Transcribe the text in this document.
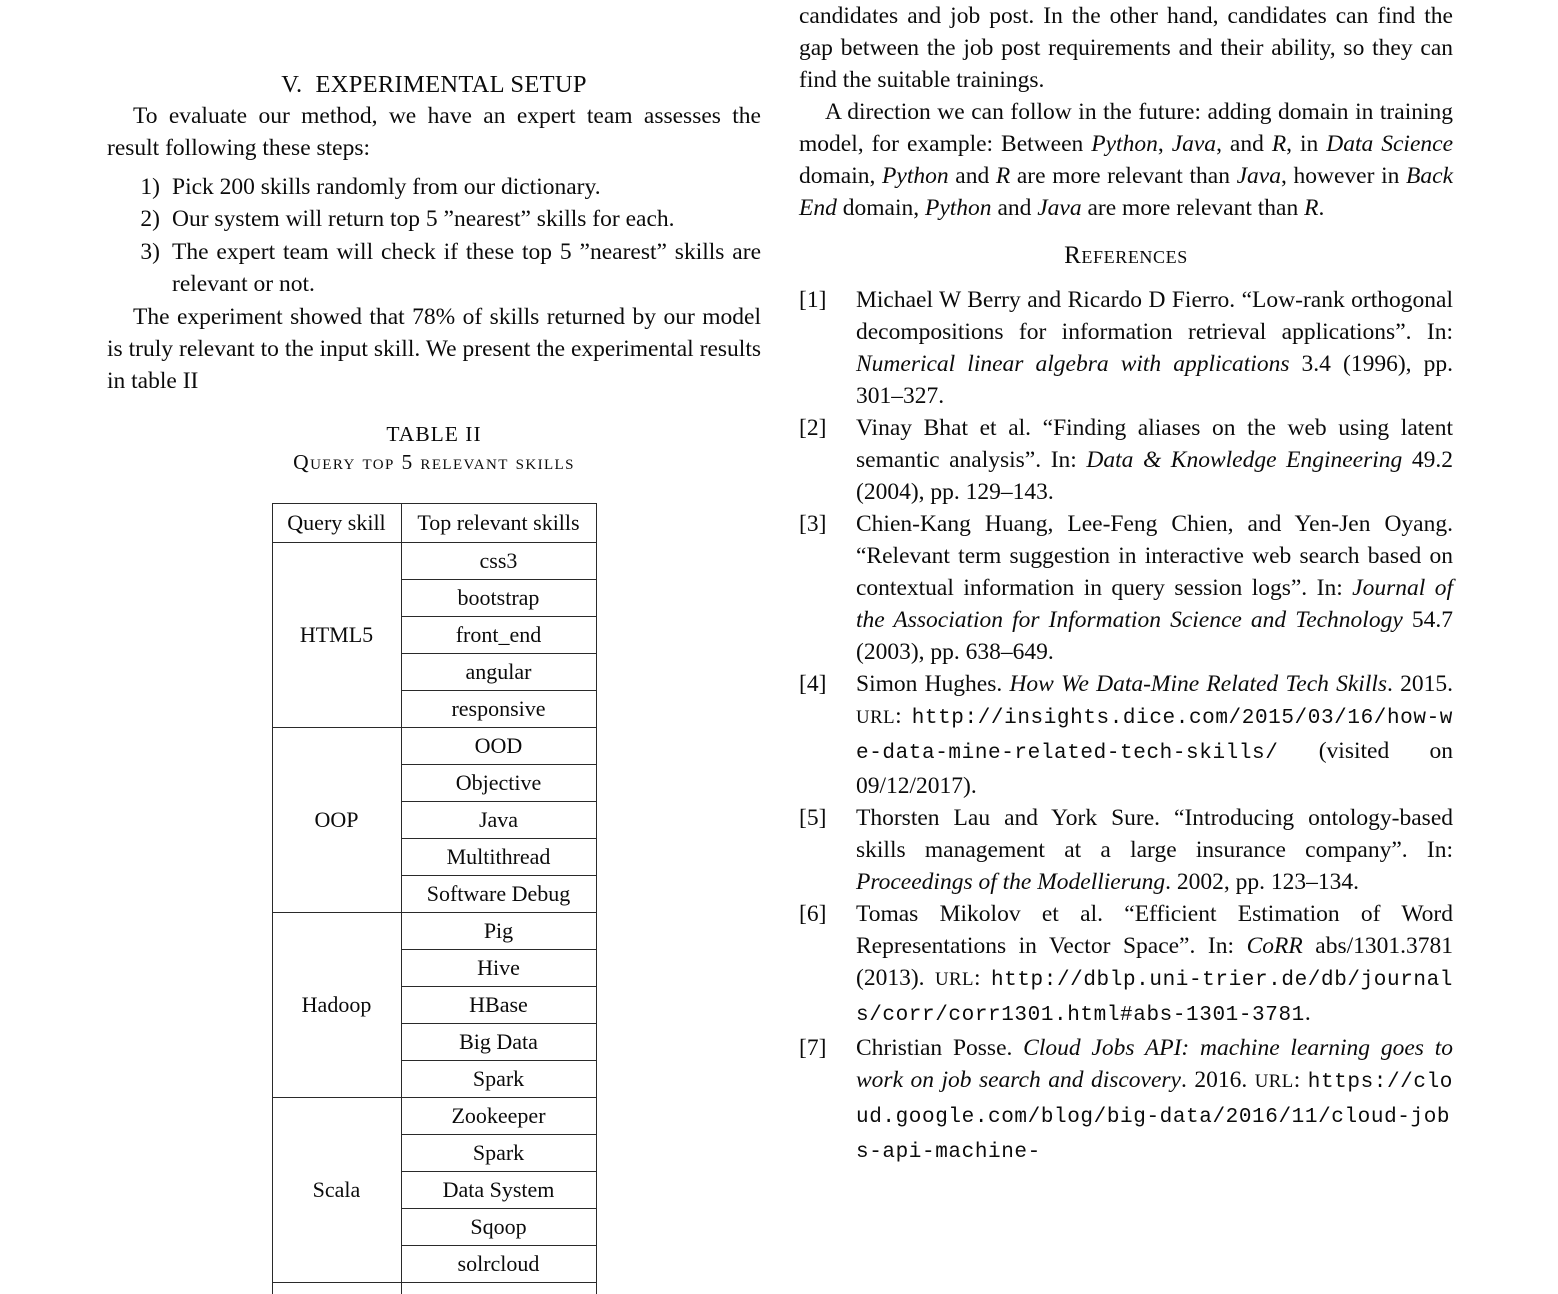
V. EXPERIMENTAL SETUP

To evaluate our method, we have an expert team assesses the result following these steps:

1) Pick 200 skills randomly from our dictionary.
2) Our system will return top 5 ”nearest” skills for each.
3) The expert team will check if these top 5 ”nearest” skills are relevant or not.

The experiment showed that 78% of skills returned by our model is truly relevant to the input skill. We present the experimental results in table II

TABLE II
Query top 5 relevant skills
Query skill	Top relevant skills
HTML5	css3
	bootstrap
	front_end
	angular
	responsive
OOP	OOD
	Objective
	Java
	Multithread
	Software Debug
Hadoop	Pig
	Hive
	HBase
	Big Data
	Spark
Scala	Zookeeper
	Spark
	Data System
	Sqoop
	solrcloud

candidates and job post. In the other hand, candidates can find the gap between the job post requirements and their ability, so they can find the suitable trainings.

A direction we can follow in the future: adding domain in training model, for example: Between Python, Java, and R, in Data Science domain, Python and R are more relevant than Java, however in Back End domain, Python and Java are more relevant than R.

References
[1] Michael W Berry and Ricardo D Fierro. “Low-rank orthogonal decompositions for information retrieval applications”. In: Numerical linear algebra with applications 3.4 (1996), pp. 301–327.
[2] Vinay Bhat et al. “Finding aliases on the web using latent semantic analysis”. In: Data & Knowledge Engineering 49.2 (2004), pp. 129–143.
[3] Chien-Kang Huang, Lee-Feng Chien, and Yen-Jen Oyang. “Relevant term suggestion in interactive web search based on contextual information in query session logs”. In: Journal of the Association for Information Science and Technology 54.7 (2003), pp. 638–649.
[4] Simon Hughes. How We Data-Mine Related Tech Skills. 2015. URL: http://insights.dice.com/2015/03/16/how-we-data-mine-related-tech-skills/ (visited on 09/12/2017).
[5] Thorsten Lau and York Sure. “Introducing ontology-based skills management at a large insurance company”. In: Proceedings of the Modellierung. 2002, pp. 123–134.
[6] Tomas Mikolov et al. “Efficient Estimation of Word Representations in Vector Space”. In: CoRR abs/1301.3781 (2013). URL: http://dblp.uni-trier.de/db/journals/corr/corr1301.html#abs-1301-3781.
[7] Christian Posse. Cloud Jobs API: machine learning goes to work on job search and discovery. 2016. URL: https://cloud.google.com/blog/big-data/2016/11/cloud-jobs-api-machine-
